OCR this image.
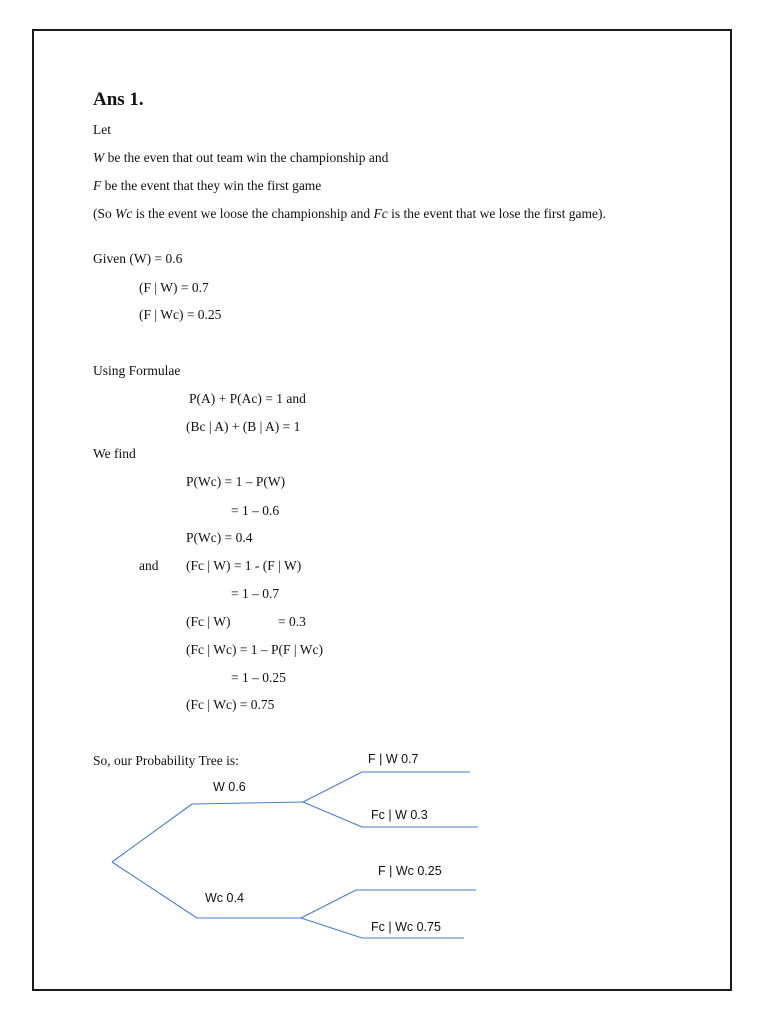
Ans 1.
Let
W be the even that out team win the championship and
F be the event that they win the first game
(So Wc is the event we loose the championship and Fc is the event that we lose the first game).
Given (W) = 0.6
(F | W) = 0.7
(F | Wc) = 0.25
Using Formulae
P(A) + P(Ac) = 1 and
(Bc | A) + (B | A) = 1
We find
P(Wc) = 1 – P(W)
= 1 – 0.6
P(Wc) = 0.4
and (Fc | W) = 1 - (F | W)
= 1 – 0.7
(Fc | W)	= 0.3
(Fc | Wc) = 1 – P(F | Wc)
= 1 – 0.25
(Fc | Wc) = 0.75
So, our Probability Tree is:
W 0.6
Wc 0.4
F | W 0.7
Fc | W 0.3
F | Wc 0.25
Fc | Wc 0.75
